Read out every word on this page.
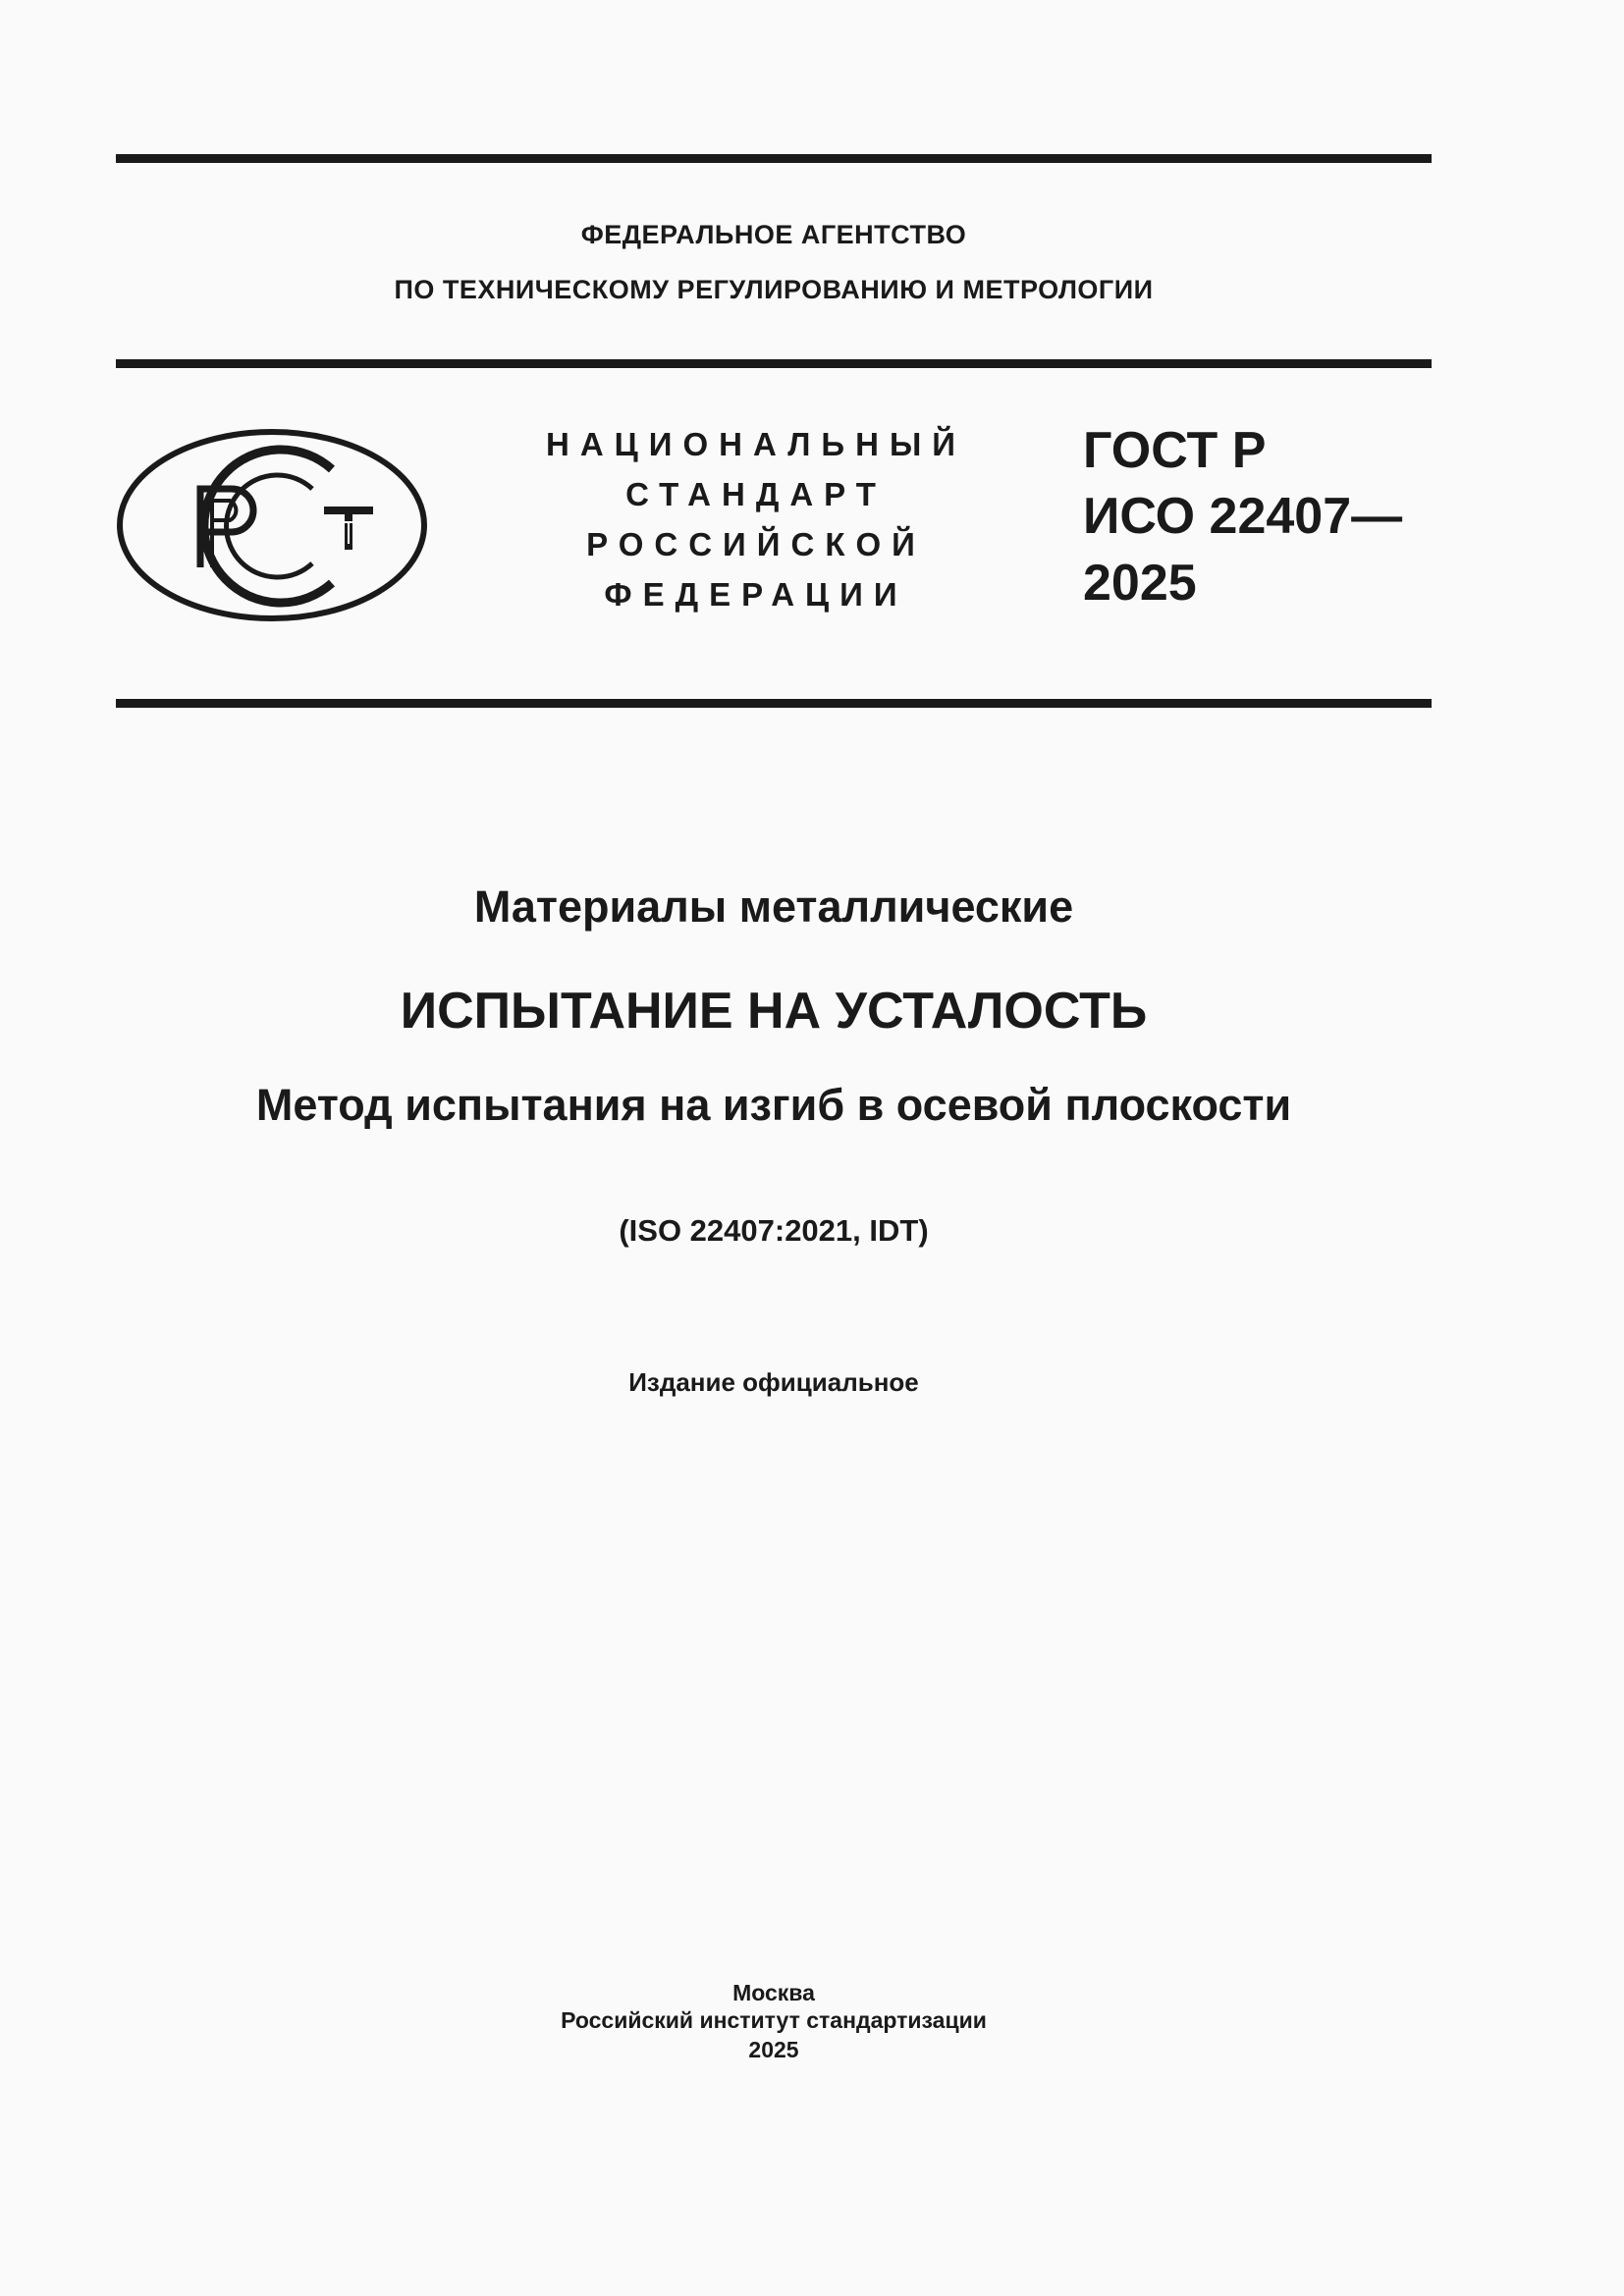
ФЕДЕРАЛЬНОЕ АГЕНТСТВО
ПО ТЕХНИЧЕСКОМУ РЕГУЛИРОВАНИЮ И МЕТРОЛОГИИ
НАЦИОНАЛЬНЫЙ
СТАНДАРТ
РОССИЙСКОЙ
ФЕДЕРАЦИИ
ГОСТ Р
ИСО 22407—
2025
Материалы металлические
ИСПЫТАНИЕ НА УСТАЛОСТЬ
Метод испытания на изгиб в осевой плоскости
(ISO 22407:2021, IDT)
Издание официальное
Москва
Российский институт стандартизации
2025
